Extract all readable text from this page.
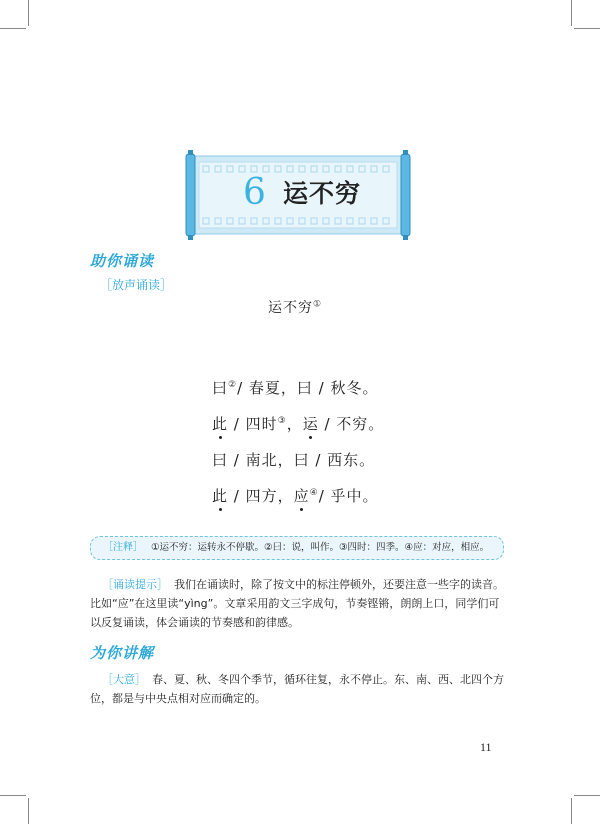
6 运不穷
助你诵读
［放声诵读］
运不穷①
曰②/ 春夏，曰 / 秋冬。
此 / 四时③，运 / 不穷。
曰 / 南北，曰 / 西东。
此 / 四方，应④/ 乎中。
［注释］ ①运不穷：运转永不停歇。②曰：说，叫作。③四时：四季。④应：对应，相应。
［诵读提示］ 我们在诵读时，除了按文中的标注停顿外，还要注意一些字的读音。比如“应”在这里读“yìng”。文章采用韵文三字成句，节奏铿锵，朗朗上口，同学们可以反复诵读，体会诵读的节奏感和韵律感。
为你讲解
［大意］ 春、夏、秋、冬四个季节，循环往复，永不停止。东、南、西、北四个方位，都是与中央点相对应而确定的。
11
